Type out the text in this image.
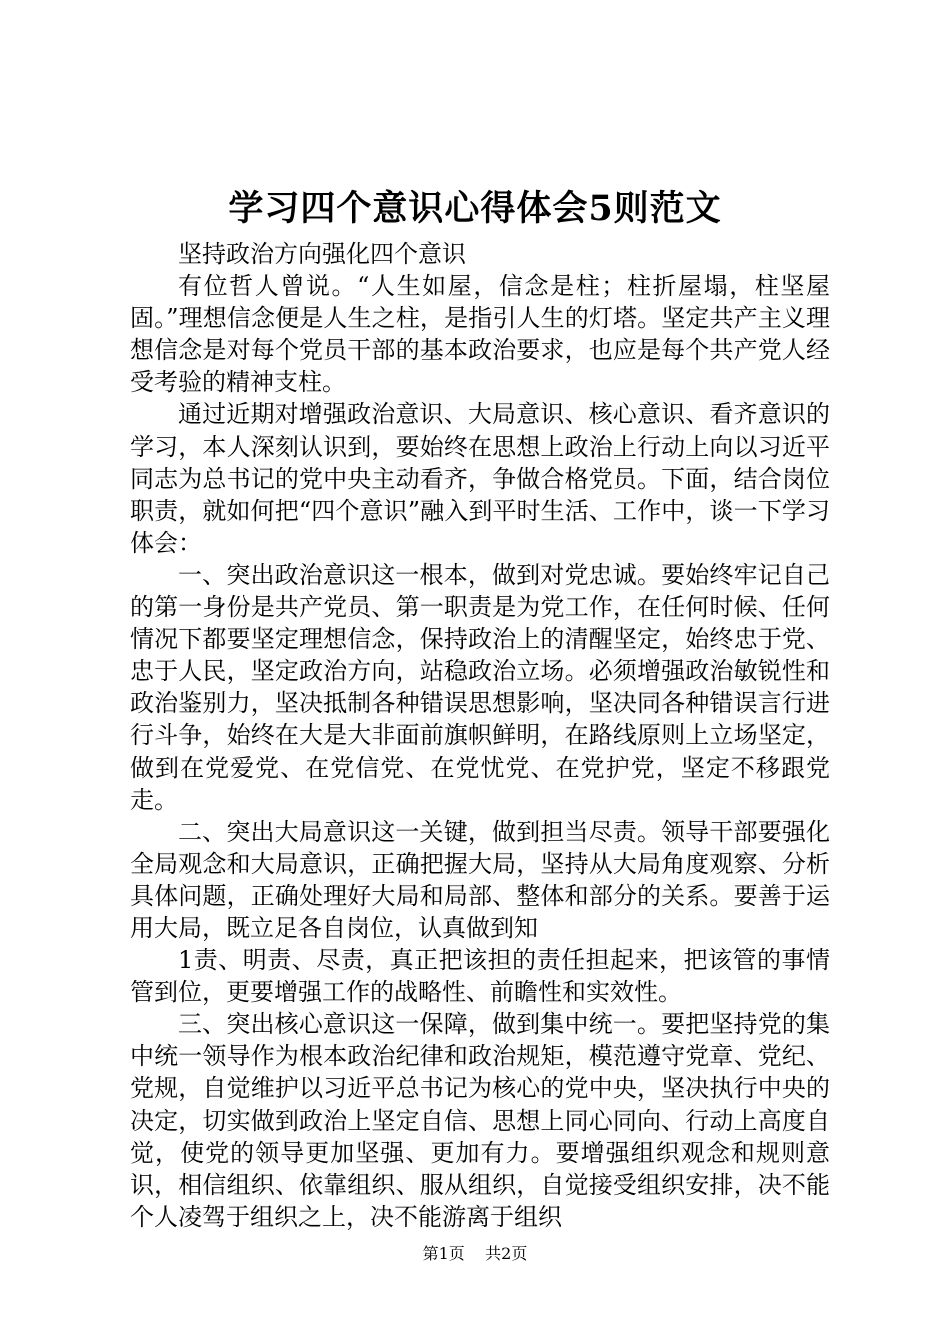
学习四个意识心得体会5则范文

坚持政治方向强化四个意识

有位哲人曾说。“人生如屋，信念是柱；柱折屋塌，柱坚屋固。”理想信念便是人生之柱，是指引人生的灯塔。坚定共产主义理想信念是对每个党员干部的基本政治要求，也应是每个共产党人经受考验的精神支柱。

通过近期对增强政治意识、大局意识、核心意识、看齐意识的学习，本人深刻认识到，要始终在思想上政治上行动上向以习近平同志为总书记的党中央主动看齐，争做合格党员。下面，结合岗位职责，就如何把“四个意识”融入到平时生活、工作中，谈一下学习体会：

一、突出政治意识这一根本，做到对党忠诚。要始终牢记自己的第一身份是共产党员、第一职责是为党工作，在任何时候、任何情况下都要坚定理想信念，保持政治上的清醒坚定，始终忠于党、忠于人民，坚定政治方向，站稳政治立场。必须增强政治敏锐性和政治鉴别力，坚决抵制各种错误思想影响，坚决同各种错误言行进行斗争，始终在大是大非面前旗帜鲜明，在路线原则上立场坚定，做到在党爱党、在党信党、在党忧党、在党护党，坚定不移跟党走。

二、突出大局意识这一关键，做到担当尽责。领导干部要强化全局观念和大局意识，正确把握大局，坚持从大局角度观察、分析具体问题，正确处理好大局和局部、整体和部分的关系。要善于运用大局，既立足各自岗位，认真做到知

1责、明责、尽责，真正把该担的责任担起来，把该管的事情管到位，更要增强工作的战略性、前瞻性和实效性。

三、突出核心意识这一保障，做到集中统一。要把坚持党的集中统一领导作为根本政治纪律和政治规矩，模范遵守党章、党纪、党规，自觉维护以习近平总书记为核心的党中央，坚决执行中央的决定，切实做到政治上坚定自信、思想上同心同向、行动上高度自觉，使党的领导更加坚强、更加有力。要增强组织观念和规则意识，相信组织、依靠组织、服从组织，自觉接受组织安排，决不能个人凌驾于组织之上，决不能游离于组织

第1页 共2页
